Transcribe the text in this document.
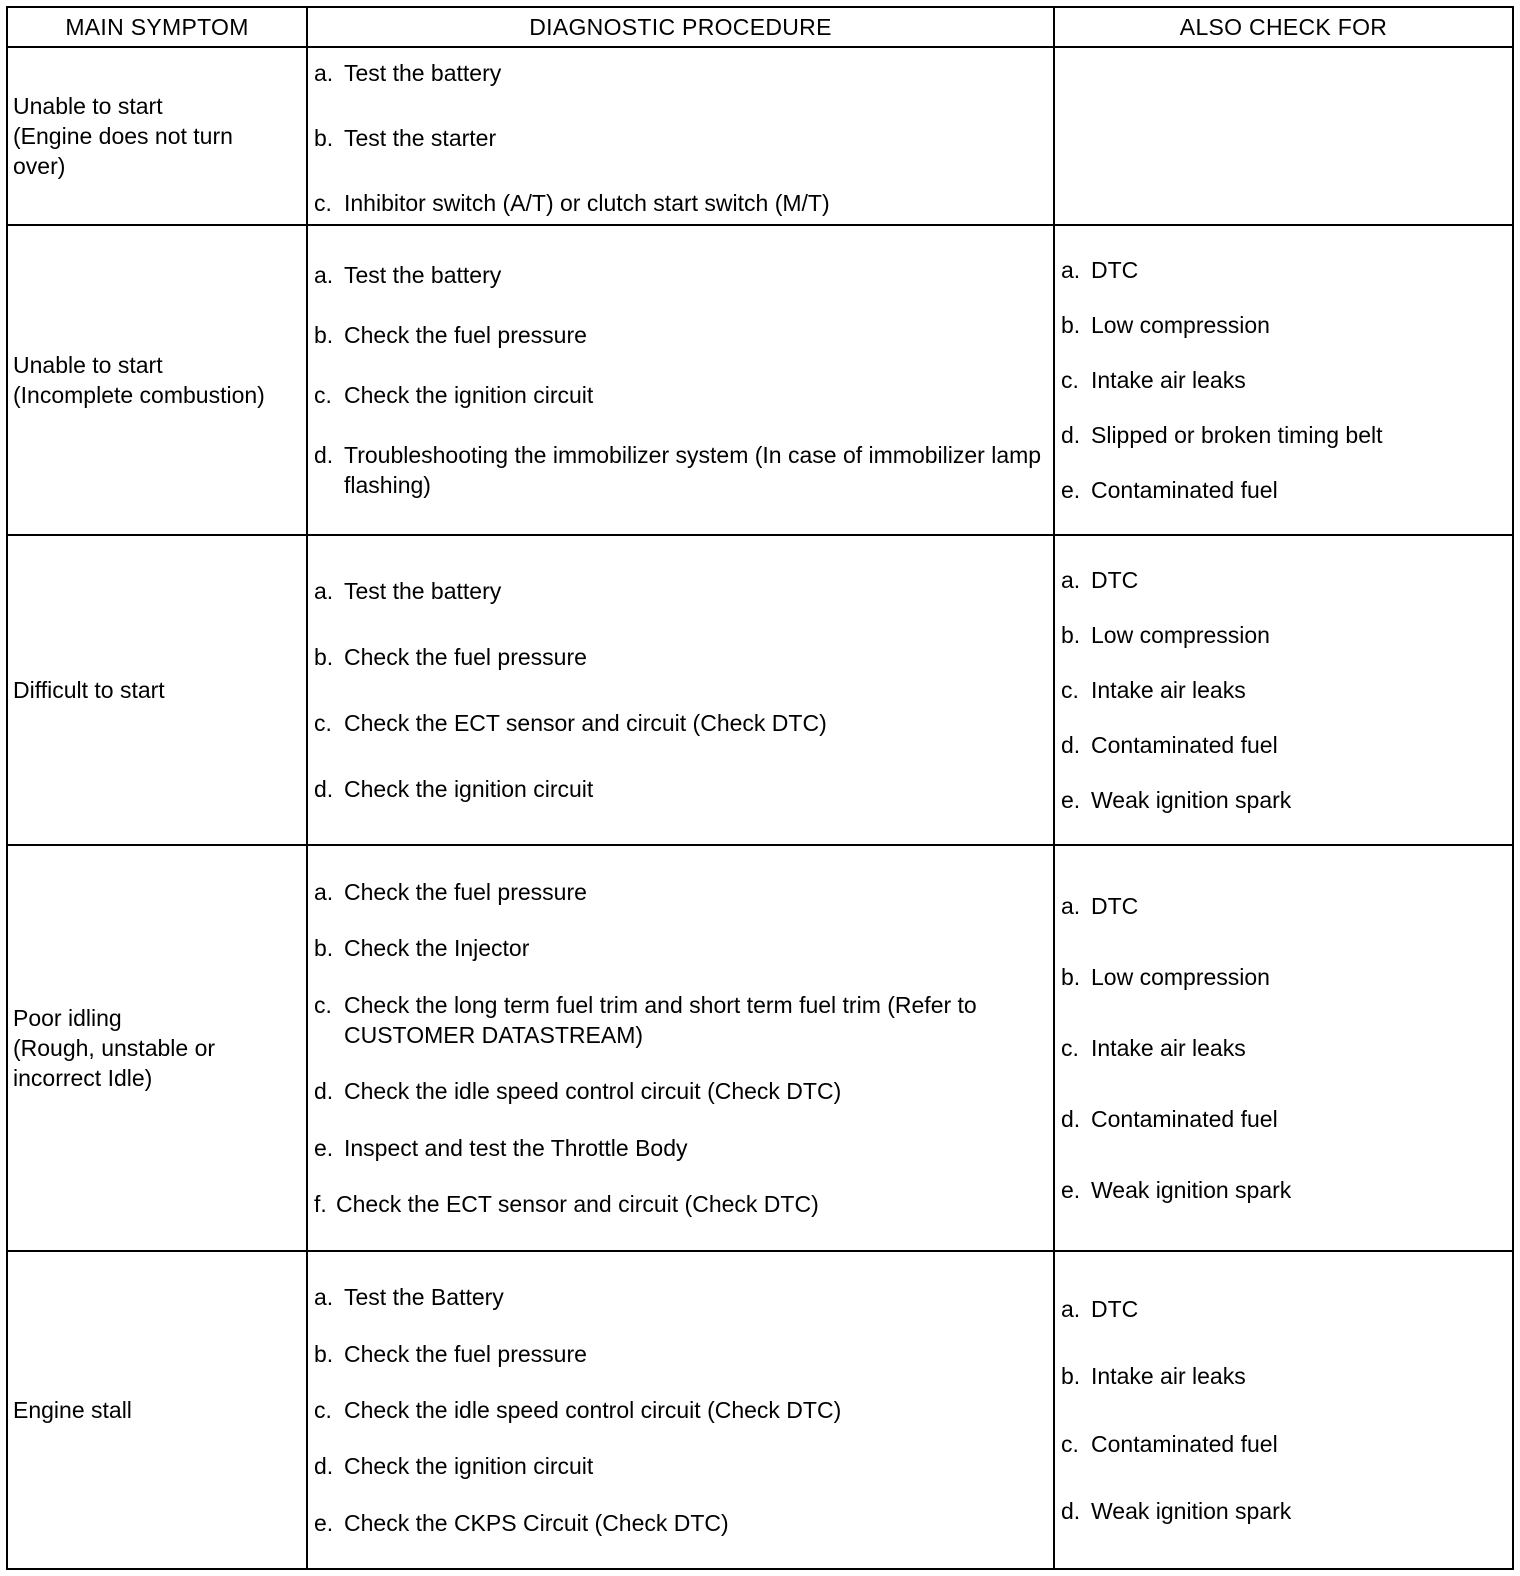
MAIN SYMPTOM	DIAGNOSTIC PROCEDURE	ALSO CHECK FOR
Unable to start
(Engine does not turn
over)
a. Test the battery
b. Test the starter
c. Inhibitor switch (A/T) or clutch start switch (M/T)
Unable to start
(Incomplete combustion)
a. Test the battery
b. Check the fuel pressure
c. Check the ignition circuit
d. Troubleshooting the immobilizer system (In case of immobilizer lamp flashing)
a. DTC
b. Low compression
c. Intake air leaks
d. Slipped or broken timing belt
e. Contaminated fuel
Difficult to start
a. Test the battery
b. Check the fuel pressure
c. Check the ECT sensor and circuit (Check DTC)
d. Check the ignition circuit
a. DTC
b. Low compression
c. Intake air leaks
d. Contaminated fuel
e. Weak ignition spark
Poor idling
(Rough, unstable or
incorrect Idle)
a. Check the fuel pressure
b. Check the Injector
c. Check the long term fuel trim and short term fuel trim (Refer to CUSTOMER DATASTREAM)
d. Check the idle speed control circuit (Check DTC)
e. Inspect and test the Throttle Body
f. Check the ECT sensor and circuit (Check DTC)
a. DTC
b. Low compression
c. Intake air leaks
d. Contaminated fuel
e. Weak ignition spark
Engine stall
a. Test the Battery
b. Check the fuel pressure
c. Check the idle speed control circuit (Check DTC)
d. Check the ignition circuit
e. Check the CKPS Circuit (Check DTC)
a. DTC
b. Intake air leaks
c. Contaminated fuel
d. Weak ignition spark
